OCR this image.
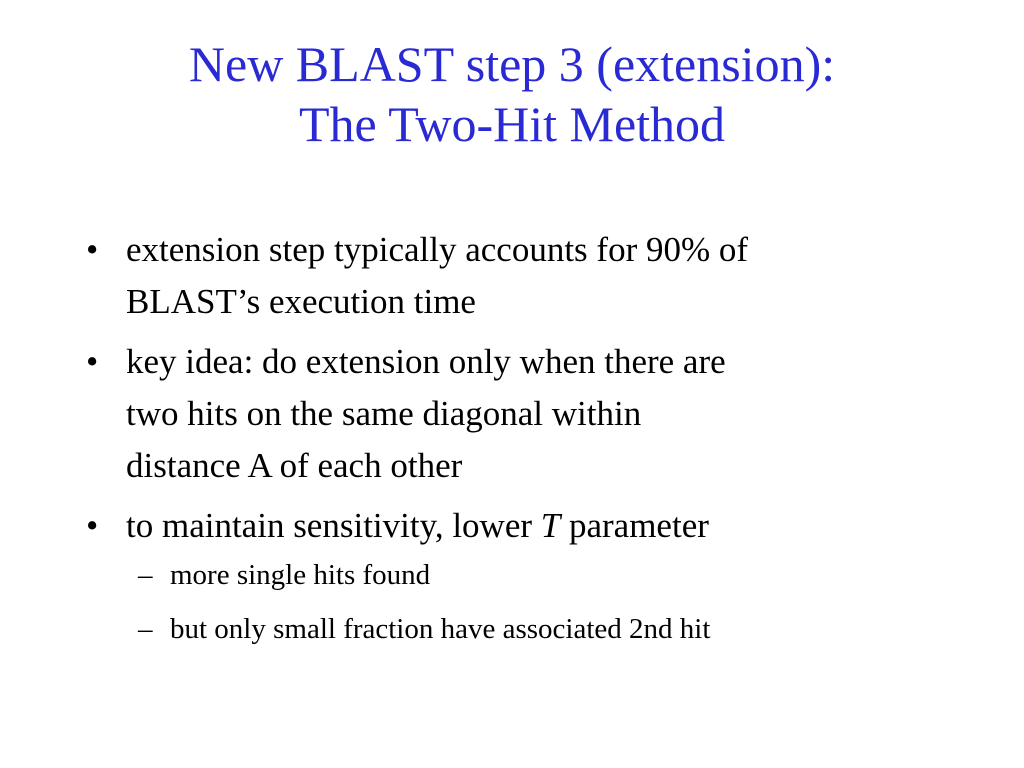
New BLAST step 3 (extension):
The Two-Hit Method
• extension step typically accounts for 90% of
BLAST’s execution time
• key idea: do extension only when there are
two hits on the same diagonal within
distance A of each other
• to maintain sensitivity, lower T parameter
– more single hits found
– but only small fraction have associated 2nd hit
